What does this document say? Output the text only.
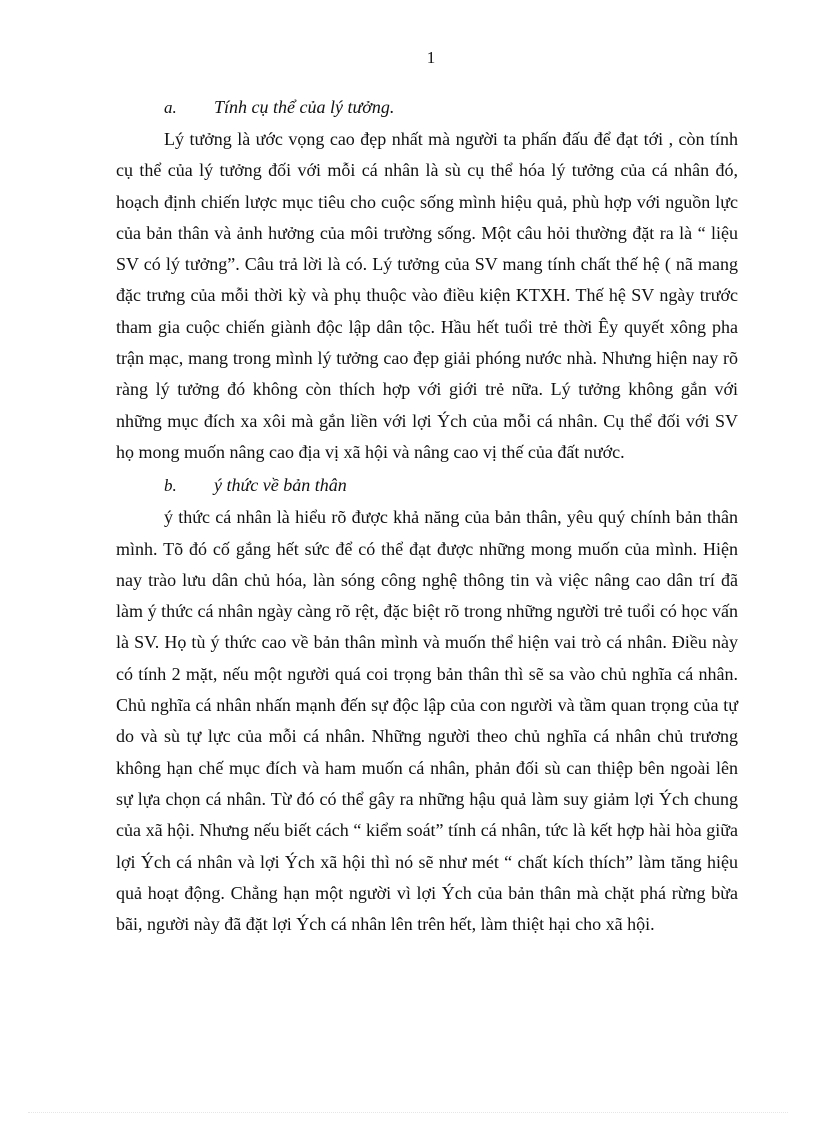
1
a. Tính cụ thể của lý tưởng.

Lý tưởng là ước vọng cao đẹp nhất mà người ta phấn đấu để đạt tới , còn tính cụ thể của lý tưởng đối với mỗi cá nhân là sù cụ thể hóa lý tưởng của cá nhân đó, hoạch định chiến lược mục tiêu cho cuộc sống mình hiệu quả, phù hợp với nguồn lực của bản thân và ảnh hưởng của môi trường sống. Một câu hỏi thường đặt ra là “ liệu SV có lý tưởng”. Câu trả lời là có. Lý tưởng của SV mang tính chất thế hệ ( nã mang đặc trưng của mỗi thời kỳ và phụ thuộc vào điều kiện KTXH. Thế hệ SV ngày trước tham gia cuộc chiến giành độc lập dân tộc. Hầu hết tuổi trẻ thời Êy quyết xông pha trận mạc, mang trong mình lý tưởng cao đẹp giải phóng nước nhà. Nhưng hiện nay rõ ràng lý tưởng đó không còn thích hợp với giới trẻ nữa. Lý tưởng không gắn với những mục đích xa xôi mà gắn liền với lợi Ých của mỗi cá nhân. Cụ thể đối với SV họ mong muốn nâng cao địa vị xã hội và nâng cao vị thế của đất nước.

b. ý thức về bản thân

ý thức cá nhân là hiểu rõ được khả năng của bản thân, yêu quý chính bản thân mình. Tõ đó cố gắng hết sức để có thể đạt được những mong muốn của mình. Hiện nay trào lưu dân chủ hóa, làn sóng công nghệ thông tin và việc nâng cao dân trí đã làm ý thức cá nhân ngày càng rõ rệt, đặc biệt rõ trong những người trẻ tuổi có học vấn là SV. Họ tù ý thức cao về bản thân mình và muốn thể hiện vai trò cá nhân. Điều này có tính 2 mặt, nếu một người quá coi trọng bản thân thì sẽ sa vào chủ nghĩa cá nhân. Chủ nghĩa cá nhân nhấn mạnh đến sự độc lập của con người và tầm quan trọng của tự do và sù tự lực của mỗi cá nhân. Những người theo chủ nghĩa cá nhân chủ trương không hạn chế mục đích và ham muốn cá nhân, phản đối sù can thiệp bên ngoài lên sự lựa chọn cá nhân. Từ đó có thể gây ra những hậu quả làm suy giảm lợi Ých chung của xã hội. Nhưng nếu biết cách “ kiểm soát” tính cá nhân, tức là kết hợp hài hòa giữa lợi Ých cá nhân và lợi Ých xã hội thì nó sẽ như mét “ chất kích thích” làm tăng hiệu quả hoạt động. Chẳng hạn một người vì lợi Ých của bản thân mà chặt phá rừng bừa bãi, người này đã đặt lợi Ých cá nhân lên trên hết, làm thiệt hại cho xã hội.
